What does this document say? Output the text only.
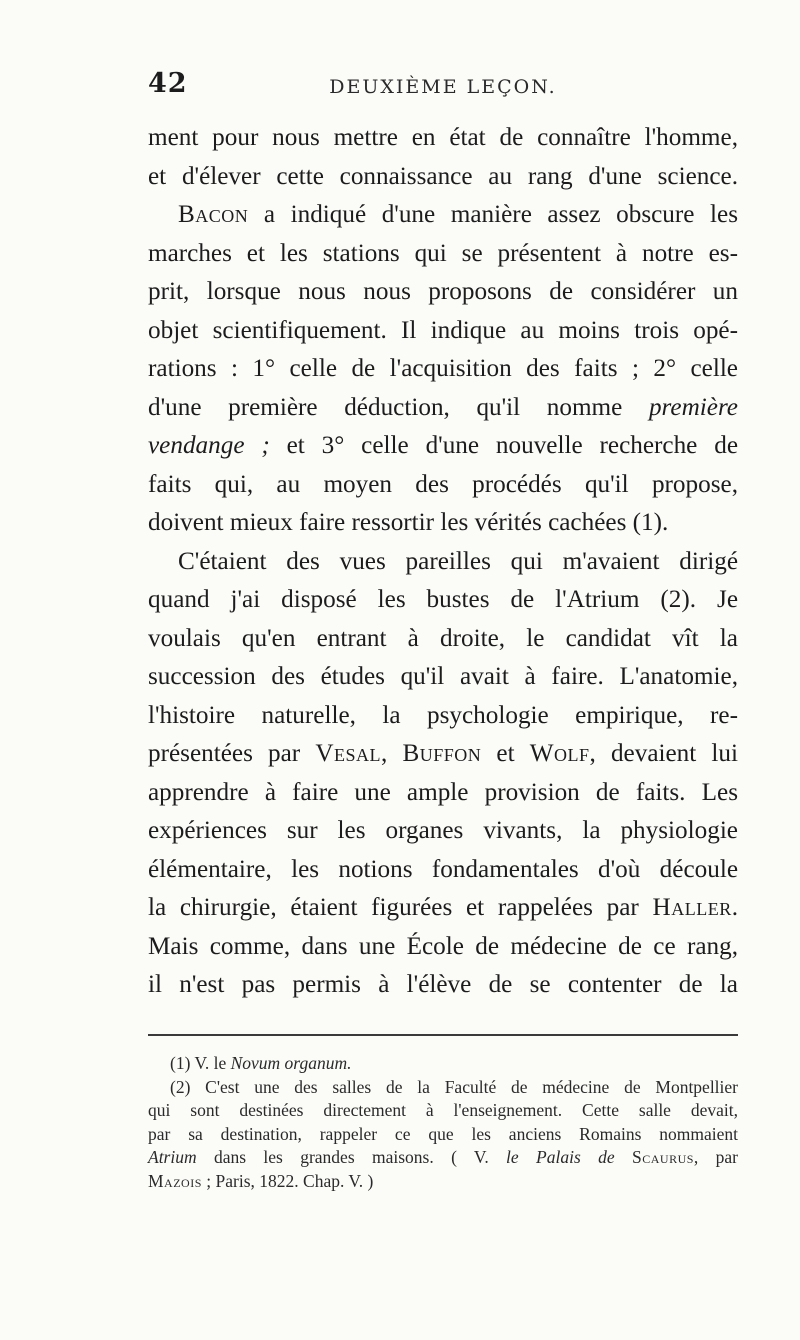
42	DEUXIÈME LEÇON.
ment pour nous mettre en état de connaître l'homme,
et d'élever cette connaissance au rang d'une science.
Bacon a indiqué d'une manière assez obscure les
marches et les stations qui se présentent à notre es-
prit, lorsque nous nous proposons de considérer un
objet scientifiquement. Il indique au moins trois opé-
rations : 1° celle de l'acquisition des faits ; 2° celle
d'une première déduction, qu'il nomme première
vendange ; et 3° celle d'une nouvelle recherche de
faits qui, au moyen des procédés qu'il propose,
doivent mieux faire ressortir les vérités cachées (1).
C'étaient des vues pareilles qui m'avaient dirigé
quand j'ai disposé les bustes de l'Atrium (2). Je
voulais qu'en entrant à droite, le candidat vît la
succession des études qu'il avait à faire. L'anatomie,
l'histoire naturelle, la psychologie empirique, re-
présentées par Vesal, Buffon et Wolf, devaient lui
apprendre à faire une ample provision de faits. Les
expériences sur les organes vivants, la physiologie
élémentaire, les notions fondamentales d'où découle
la chirurgie, étaient figurées et rappelées par Haller.
Mais comme, dans une École de médecine de ce rang,
il n'est pas permis à l'élève de se contenter de la
(1) V. le Novum organum.
(2) C'est une des salles de la Faculté de médecine de Montpellier
qui sont destinées directement à l'enseignement. Cette salle devait,
par sa destination, rappeler ce que les anciens Romains nommaient
Atrium dans les grandes maisons. ( V. le Palais de Scaurus, par
Mazois ; Paris, 1822. Chap. V. )
